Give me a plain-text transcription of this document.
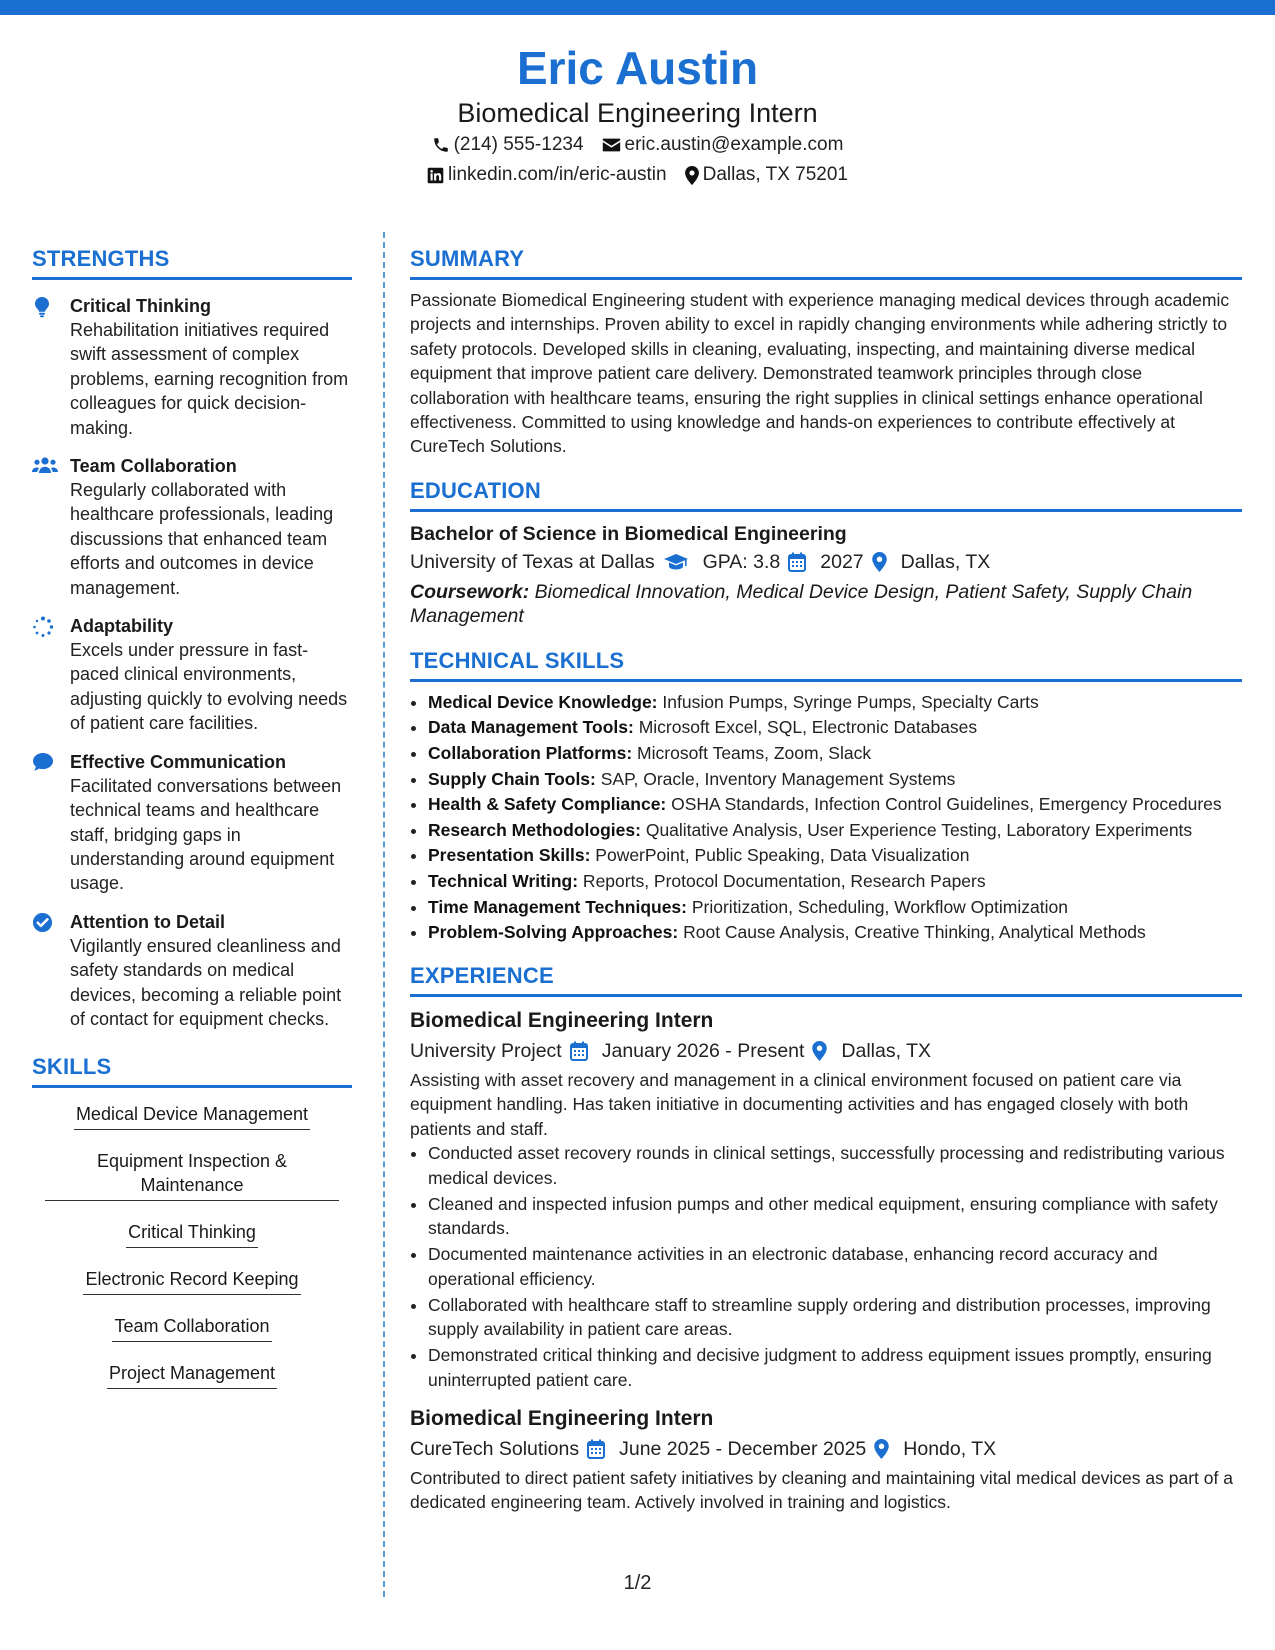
Eric Austin
Biomedical Engineering Intern
(214) 555-1234 eric.austin@example.com
linkedin.com/in/eric-austin Dallas, TX 75201
STRENGTHS
Critical Thinking
Rehabilitation initiatives required swift assessment of complex problems, earning recognition from colleagues for quick decision-making.
Team Collaboration
Regularly collaborated with healthcare professionals, leading discussions that enhanced team efforts and outcomes in device management.
Adaptability
Excels under pressure in fast-paced clinical environments, adjusting quickly to evolving needs of patient care facilities.
Effective Communication
Facilitated conversations between technical teams and healthcare staff, bridging gaps in understanding around equipment usage.
Attention to Detail
Vigilantly ensured cleanliness and safety standards on medical devices, becoming a reliable point of contact for equipment checks.
SKILLS
Medical Device Management
Equipment Inspection & Maintenance
Critical Thinking
Electronic Record Keeping
Team Collaboration
Project Management
SUMMARY
Passionate Biomedical Engineering student with experience managing medical devices through academic projects and internships. Proven ability to excel in rapidly changing environments while adhering strictly to safety protocols. Developed skills in cleaning, evaluating, inspecting, and maintaining diverse medical equipment that improve patient care delivery. Demonstrated teamwork principles through close collaboration with healthcare teams, ensuring the right supplies in clinical settings enhance operational effectiveness. Committed to using knowledge and hands-on experiences to contribute effectively at CureTech Solutions.
EDUCATION
Bachelor of Science in Biomedical Engineering
University of Texas at Dallas GPA: 3.8 2027 Dallas, TX
Coursework: Biomedical Innovation, Medical Device Design, Patient Safety, Supply Chain Management
TECHNICAL SKILLS
• Medical Device Knowledge: Infusion Pumps, Syringe Pumps, Specialty Carts
• Data Management Tools: Microsoft Excel, SQL, Electronic Databases
• Collaboration Platforms: Microsoft Teams, Zoom, Slack
• Supply Chain Tools: SAP, Oracle, Inventory Management Systems
• Health & Safety Compliance: OSHA Standards, Infection Control Guidelines, Emergency Procedures
• Research Methodologies: Qualitative Analysis, User Experience Testing, Laboratory Experiments
• Presentation Skills: PowerPoint, Public Speaking, Data Visualization
• Technical Writing: Reports, Protocol Documentation, Research Papers
• Time Management Techniques: Prioritization, Scheduling, Workflow Optimization
• Problem-Solving Approaches: Root Cause Analysis, Creative Thinking, Analytical Methods
EXPERIENCE
Biomedical Engineering Intern
University Project January 2026 - Present Dallas, TX
Assisting with asset recovery and management in a clinical environment focused on patient care via equipment handling. Has taken initiative in documenting activities and has engaged closely with both patients and staff.
• Conducted asset recovery rounds in clinical settings, successfully processing and redistributing various medical devices.
• Cleaned and inspected infusion pumps and other medical equipment, ensuring compliance with safety standards.
• Documented maintenance activities in an electronic database, enhancing record accuracy and operational efficiency.
• Collaborated with healthcare staff to streamline supply ordering and distribution processes, improving supply availability in patient care areas.
• Demonstrated critical thinking and decisive judgment to address equipment issues promptly, ensuring uninterrupted patient care.
Biomedical Engineering Intern
CureTech Solutions June 2025 - December 2025 Hondo, TX
Contributed to direct patient safety initiatives by cleaning and maintaining vital medical devices as part of a dedicated engineering team. Actively involved in training and logistics.
1/2
